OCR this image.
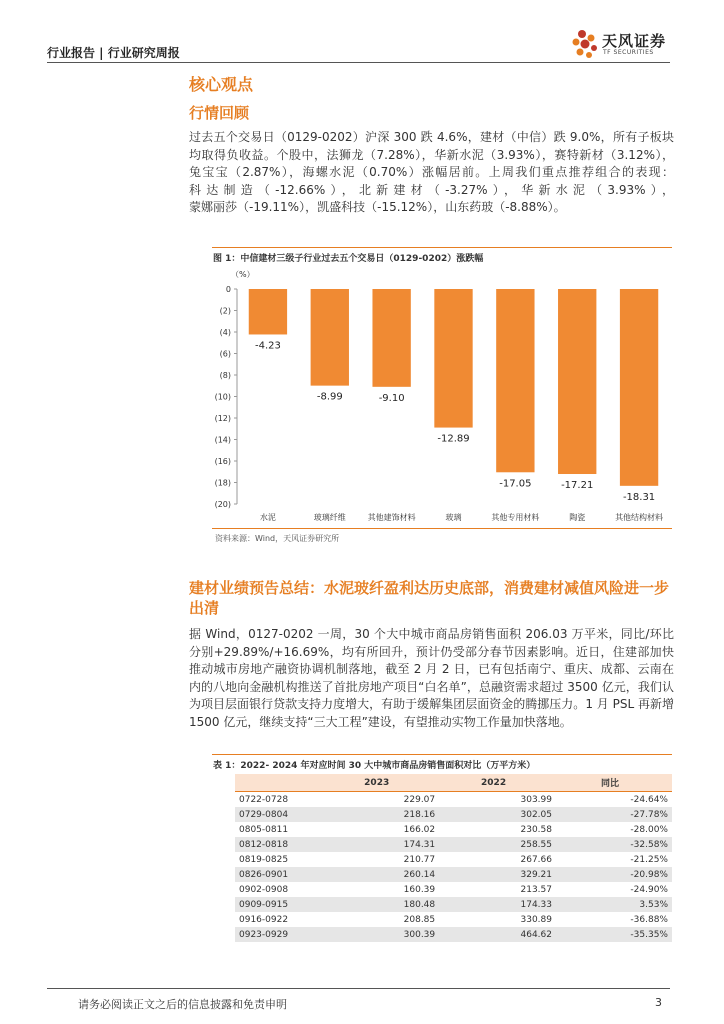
行业报告 | 行业研究周报
天风证券
TF SECURITIES
核心观点
行情回顾
过去五个交易日（0129-0202）沪深 300 跌 4.6%，建材（中信）跌 9.0%，所有子板块均取得负收益。个股中，法狮龙（7.28%），华新水泥（3.93%），赛特新材（3.12%），兔宝宝（2.87%），海螺水泥（0.70%）涨幅居前。上周我们重点推荐组合的表现：科达制造（-12.66%），北新建材（-3.27%），华新水泥（3.93%），蒙娜丽莎（-19.11%），凯盛科技（-15.12%），山东药玻（-8.88%）。
图 1：中信建材三级子行业过去五个交易日（0129-0202）涨跌幅
（%）
0
(2)
(4)
(6)
(8)
(10)
(12)
(14)
(16)
(18)
(20)
-4.23
水泥
-8.99
玻璃纤维
-9.10
其他建饰材料
-12.89
玻璃
-17.05
其他专用材料
-17.21
陶瓷
-18.31
其他结构材料
资料来源：Wind，天风证券研究所
建材业绩预告总结：水泥玻纤盈利达历史底部，消费建材减值风险进一步出清
据 Wind，0127-0202 一周，30 个大中城市商品房销售面积 206.03 万平米，同比/环比分别+29.89%/+16.69%，均有所回升，预计仍受部分春节因素影响。近日，住建部加快推动城市房地产融资协调机制落地，截至 2 月 2 日，已有包括南宁、重庆、成都、云南在内的八地向金融机构推送了首批房地产项目“白名单”，总融资需求超过 3500 亿元，我们认为项目层面银行贷款支持力度增大，有助于缓解集团层面资金的腾挪压力。1 月 PSL 再新增 1500 亿元，继续支持“三大工程”建设，有望推动实物工作量加快落地。
表 1：2022- 2024 年对应时间 30 大中城市商品房销售面积对比（万平方米）
	2023	2022	同比
0722-0728	229.07	303.99	-24.64%
0729-0804	218.16	302.05	-27.78%
0805-0811	166.02	230.58	-28.00%
0812-0818	174.31	258.55	-32.58%
0819-0825	210.77	267.66	-21.25%
0826-0901	260.14	329.21	-20.98%
0902-0908	160.39	213.57	-24.90%
0909-0915	180.48	174.33	3.53%
0916-0922	208.85	330.89	-36.88%
0923-0929	300.39	464.62	-35.35%
请务必阅读正文之后的信息披露和免责申明	3
